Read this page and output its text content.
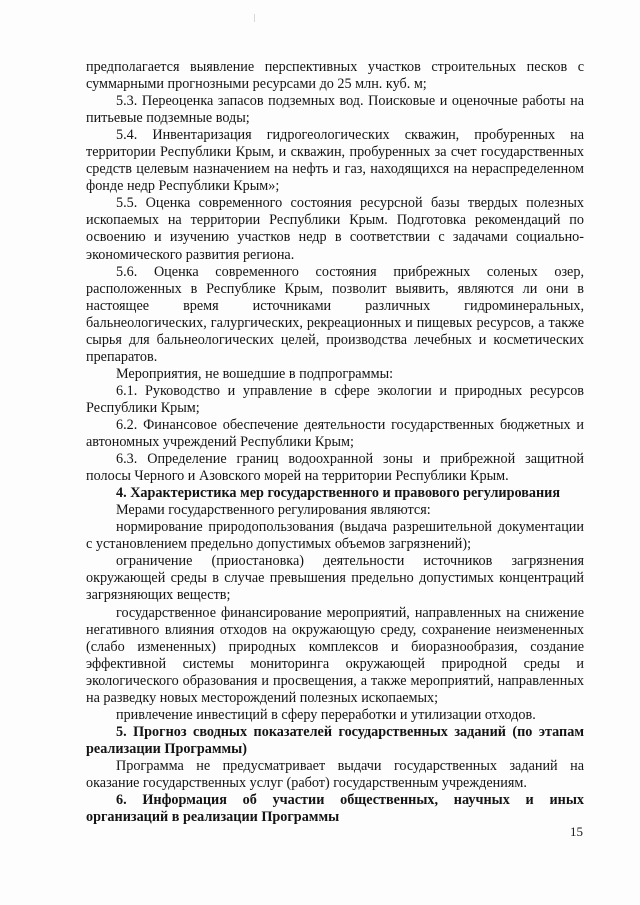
предполагается выявление перспективных участков строительных песков с суммарными прогнозными ресурсами до 25 млн. куб. м;

5.3. Переоценка запасов подземных вод. Поисковые и оценочные работы на питьевые подземные воды;

5.4. Инвентаризация гидрогеологических скважин, пробуренных на территории Республики Крым, и скважин, пробуренных за счет государственных средств целевым назначением на нефть и газ, находящихся на нераспределенном фонде недр Республики Крым»;

5.5. Оценка современного состояния ресурсной базы твердых полезных ископаемых на территории Республики Крым. Подготовка рекомендаций по освоению и изучению участков недр в соответствии с задачами социально-экономического развития региона.

5.6. Оценка современного состояния прибрежных соленых озер, расположенных в Республике Крым, позволит выявить, являются ли они в настоящее время источниками различных гидроминеральных, бальнеологических, галургических, рекреационных и пищевых ресурсов, а также сырья для бальнеологических целей, производства лечебных и косметических препаратов.

Мероприятия, не вошедшие в подпрограммы:

6.1. Руководство и управление в сфере экологии и природных ресурсов Республики Крым;

6.2. Финансовое обеспечение деятельности государственных бюджетных и автономных учреждений Республики Крым;

6.3. Определение границ водоохранной зоны и прибрежной защитной полосы Черного и Азовского морей на территории Республики Крым.

4. Характеристика мер государственного и правового регулирования

Мерами государственного регулирования являются:

нормирование природопользования (выдача разрешительной документации с установлением предельно допустимых объемов загрязнений);

ограничение (приостановка) деятельности источников загрязнения окружающей среды в случае превышения предельно допустимых концентраций загрязняющих веществ;

государственное финансирование мероприятий, направленных на снижение негативного влияния отходов на окружающую среду, сохранение неизмененных (слабо измененных) природных комплексов и биоразнообразия, создание эффективной системы мониторинга окружающей природной среды и экологического образования и просвещения, а также мероприятий, направленных на разведку новых месторождений полезных ископаемых;

привлечение инвестиций в сферу переработки и утилизации отходов.

5. Прогноз сводных показателей государственных заданий (по этапам реализации Программы)

Программа не предусматривает выдачи государственных заданий на оказание государственных услуг (работ) государственным учреждениям.

6. Информация об участии общественных, научных и иных организаций в реализации Программы

15
